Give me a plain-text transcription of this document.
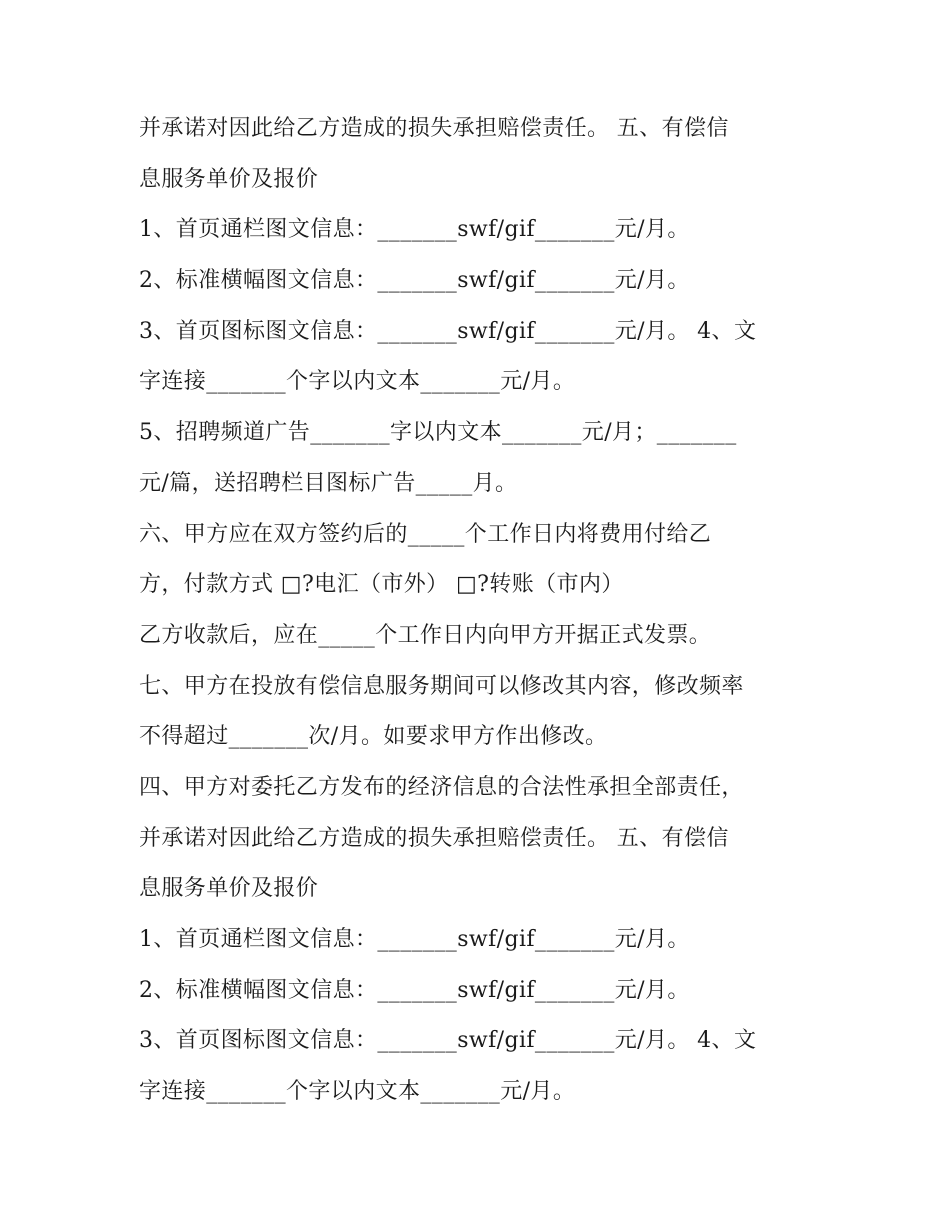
并承诺对因此给乙方造成的损失承担赔偿责任。 五、有偿信
息服务单价及报价
1、首页通栏图文信息：_______swf/gif_______元/月。
2、标准横幅图文信息：_______swf/gif_______元/月。
3、首页图标图文信息：_______swf/gif_______元/月。 4、文
字连接_______个字以内文本_______元/月。
5、招聘频道广告_______字以内文本_______元/月；_______
元/篇，送招聘栏目图标广告_____月。
六、甲方应在双方签约后的_____个工作日内将费用付给乙
方，付款方式 □?电汇（市外） □?转账（市内）
乙方收款后，应在_____个工作日内向甲方开据正式发票。
七、甲方在投放有偿信息服务期间可以修改其内容，修改频率
不得超过_______次/月。如要求甲方作出修改。
四、甲方对委托乙方发布的经济信息的合法性承担全部责任，
并承诺对因此给乙方造成的损失承担赔偿责任。 五、有偿信
息服务单价及报价
1、首页通栏图文信息：_______swf/gif_______元/月。
2、标准横幅图文信息：_______swf/gif_______元/月。
3、首页图标图文信息：_______swf/gif_______元/月。 4、文
字连接_______个字以内文本_______元/月。
